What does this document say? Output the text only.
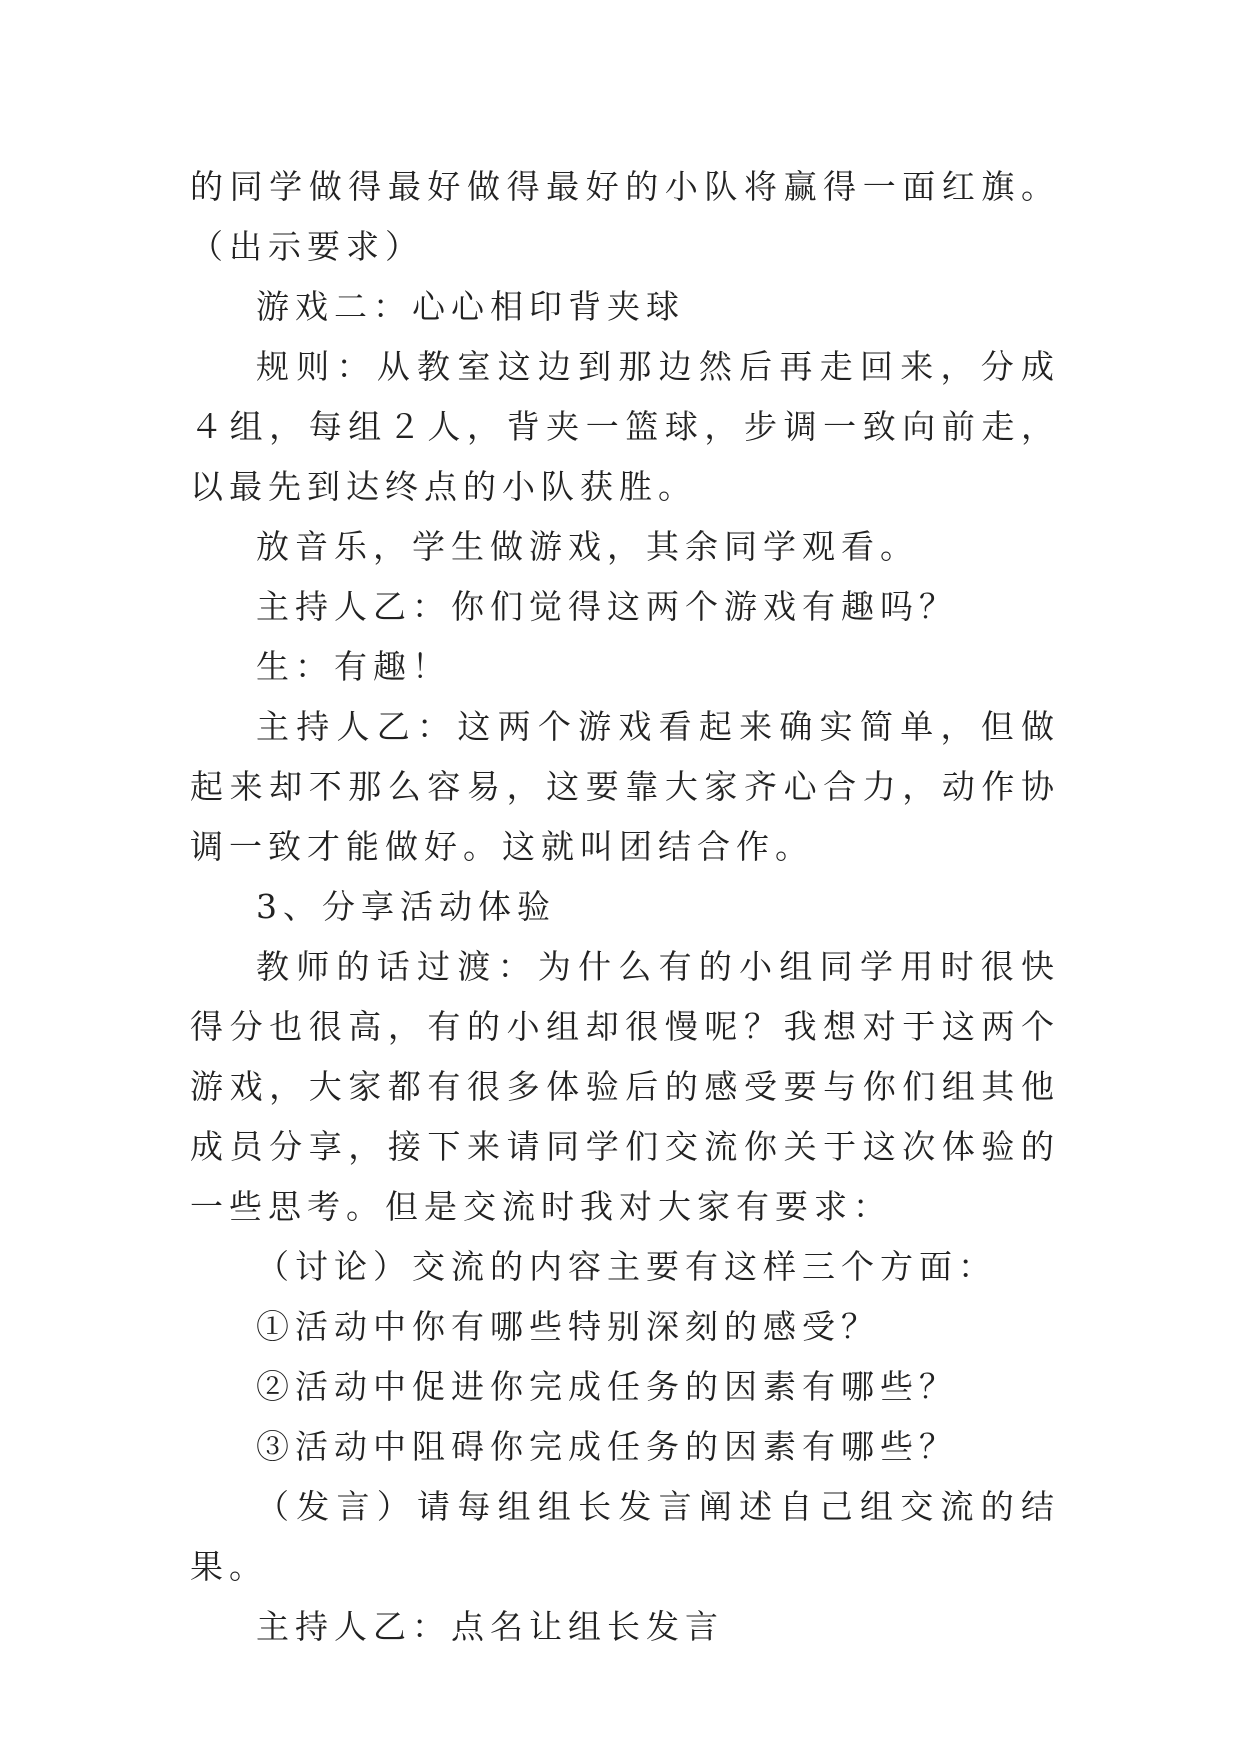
的同学做得最好做得最好的小队将赢得一面红旗。（出示要求）

游戏二：心心相印背夹球

规则：从教室这边到那边然后再走回来，分成４组，每组２人，背夹一篮球，步调一致向前走，以最先到达终点的小队获胜。

放音乐，学生做游戏，其余同学观看。

主持人乙：你们觉得这两个游戏有趣吗？

生：有趣！

主持人乙：这两个游戏看起来确实简单，但做起来却不那么容易，这要靠大家齐心合力，动作协调一致才能做好。这就叫团结合作。

3、分享活动体验

教师的话过渡：为什么有的小组同学用时很快得分也很高，有的小组却很慢呢？我想对于这两个游戏，大家都有很多体验后的感受要与你们组其他成员分享，接下来请同学们交流你关于这次体验的一些思考。但是交流时我对大家有要求：

（讨论）交流的内容主要有这样三个方面：

①活动中你有哪些特别深刻的感受？

②活动中促进你完成任务的因素有哪些？

③活动中阻碍你完成任务的因素有哪些？

（发言）请每组组长发言阐述自己组交流的结果。

主持人乙：点名让组长发言
